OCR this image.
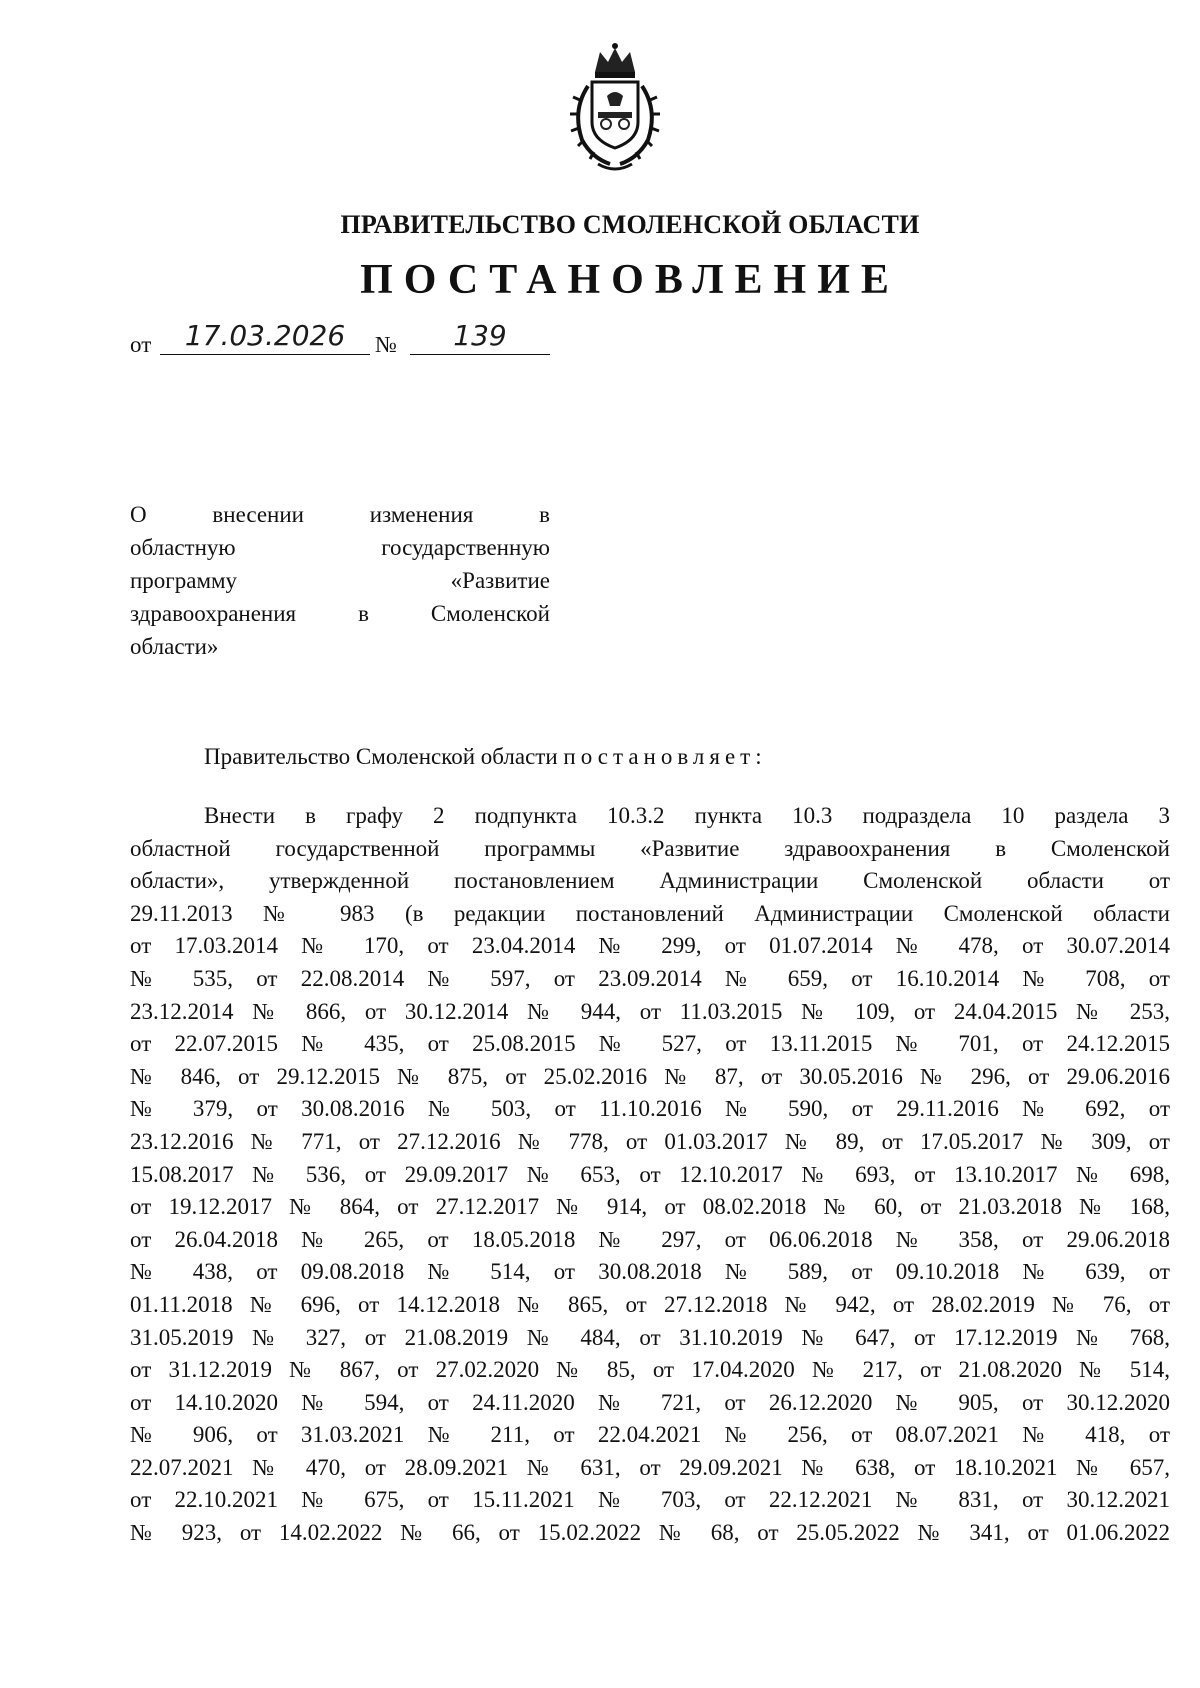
ПРАВИТЕЛЬСТВО СМОЛЕНСКОЙ ОБЛАСТИ
ПОСТАНОВЛЕНИЕ
от	17.03.2026	№	139
О внесении изменения в
областную государственную
программу «Развитие
здравоохранения в Смоленской
области»
Правительство Смоленской области постановляет:
Внести в графу 2 подпункта 10.3.2 пункта 10.3 подраздела 10 раздела 3
областной государственной программы «Развитие здравоохранения в Смоленской
области», утвержденной постановлением Администрации Смоленской области от
29.11.2013 № 983 (в редакции постановлений Администрации Смоленской области
от 17.03.2014 № 170, от 23.04.2014 № 299, от 01.07.2014 № 478, от 30.07.2014
№ 535, от 22.08.2014 № 597, от 23.09.2014 № 659, от 16.10.2014 № 708, от
23.12.2014 № 866, от 30.12.2014 № 944, от 11.03.2015 № 109, от 24.04.2015 № 253,
от 22.07.2015 № 435, от 25.08.2015 № 527, от 13.11.2015 № 701, от 24.12.2015
№ 846, от 29.12.2015 № 875, от 25.02.2016 № 87, от 30.05.2016 № 296, от 29.06.2016
№ 379, от 30.08.2016 № 503, от 11.10.2016 № 590, от 29.11.2016 № 692, от
23.12.2016 № 771, от 27.12.2016 № 778, от 01.03.2017 № 89, от 17.05.2017 № 309, от
15.08.2017 № 536, от 29.09.2017 № 653, от 12.10.2017 № 693, от 13.10.2017 № 698,
от 19.12.2017 № 864, от 27.12.2017 № 914, от 08.02.2018 № 60, от 21.03.2018 № 168,
от 26.04.2018 № 265, от 18.05.2018 № 297, от 06.06.2018 № 358, от 29.06.2018
№ 438, от 09.08.2018 № 514, от 30.08.2018 № 589, от 09.10.2018 № 639, от
01.11.2018 № 696, от 14.12.2018 № 865, от 27.12.2018 № 942, от 28.02.2019 № 76, от
31.05.2019 № 327, от 21.08.2019 № 484, от 31.10.2019 № 647, от 17.12.2019 № 768,
от 31.12.2019 № 867, от 27.02.2020 № 85, от 17.04.2020 № 217, от 21.08.2020 № 514,
от 14.10.2020 № 594, от 24.11.2020 № 721, от 26.12.2020 № 905, от 30.12.2020
№ 906, от 31.03.2021 № 211, от 22.04.2021 № 256, от 08.07.2021 № 418, от
22.07.2021 № 470, от 28.09.2021 № 631, от 29.09.2021 № 638, от 18.10.2021 № 657,
от 22.10.2021 № 675, от 15.11.2021 № 703, от 22.12.2021 № 831, от 30.12.2021
№ 923, от 14.02.2022 № 66, от 15.02.2022 № 68, от 25.05.2022 № 341, от 01.06.2022
